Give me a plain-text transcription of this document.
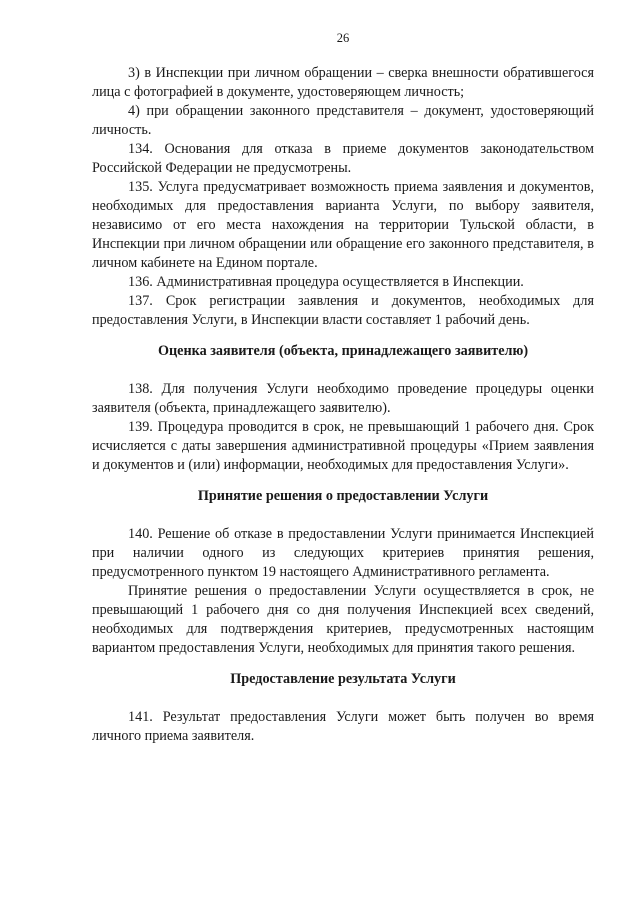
26

3) в Инспекции при личном обращении – сверка внешности обратившегося лица с фотографией в документе, удостоверяющем личность;

4) при обращении законного представителя – документ, удостоверяющий личность.

134. Основания для отказа в приеме документов законодательством Российской Федерации не предусмотрены.

135. Услуга предусматривает возможность приема заявления и документов, необходимых для предоставления варианта Услуги, по выбору заявителя, независимо от его места нахождения на территории Тульской области, в Инспекции при личном обращении или обращение его законного представителя, в личном кабинете на Едином портале.

136. Административная процедура осуществляется в Инспекции.

137. Срок регистрации заявления и документов, необходимых для предоставления Услуги, в Инспекции власти составляет 1 рабочий день.

Оценка заявителя (объекта, принадлежащего заявителю)

138. Для получения Услуги необходимо проведение процедуры оценки заявителя (объекта, принадлежащего заявителю).

139. Процедура проводится в срок, не превышающий 1 рабочего дня. Срок исчисляется с даты завершения административной процедуры «Прием заявления и документов и (или) информации, необходимых для предоставления Услуги».

Принятие решения о предоставлении Услуги

140. Решение об отказе в предоставлении Услуги принимается Инспекцией при наличии одного из следующих критериев принятия решения, предусмотренного пунктом 19 настоящего Административного регламента.

Принятие решения о предоставлении Услуги осуществляется в срок, не превышающий 1 рабочего дня со дня получения Инспекцией всех сведений, необходимых для подтверждения критериев, предусмотренных настоящим вариантом предоставления Услуги, необходимых для принятия такого решения.

Предоставление результата Услуги

141. Результат предоставления Услуги может быть получен во время личного приема заявителя.
